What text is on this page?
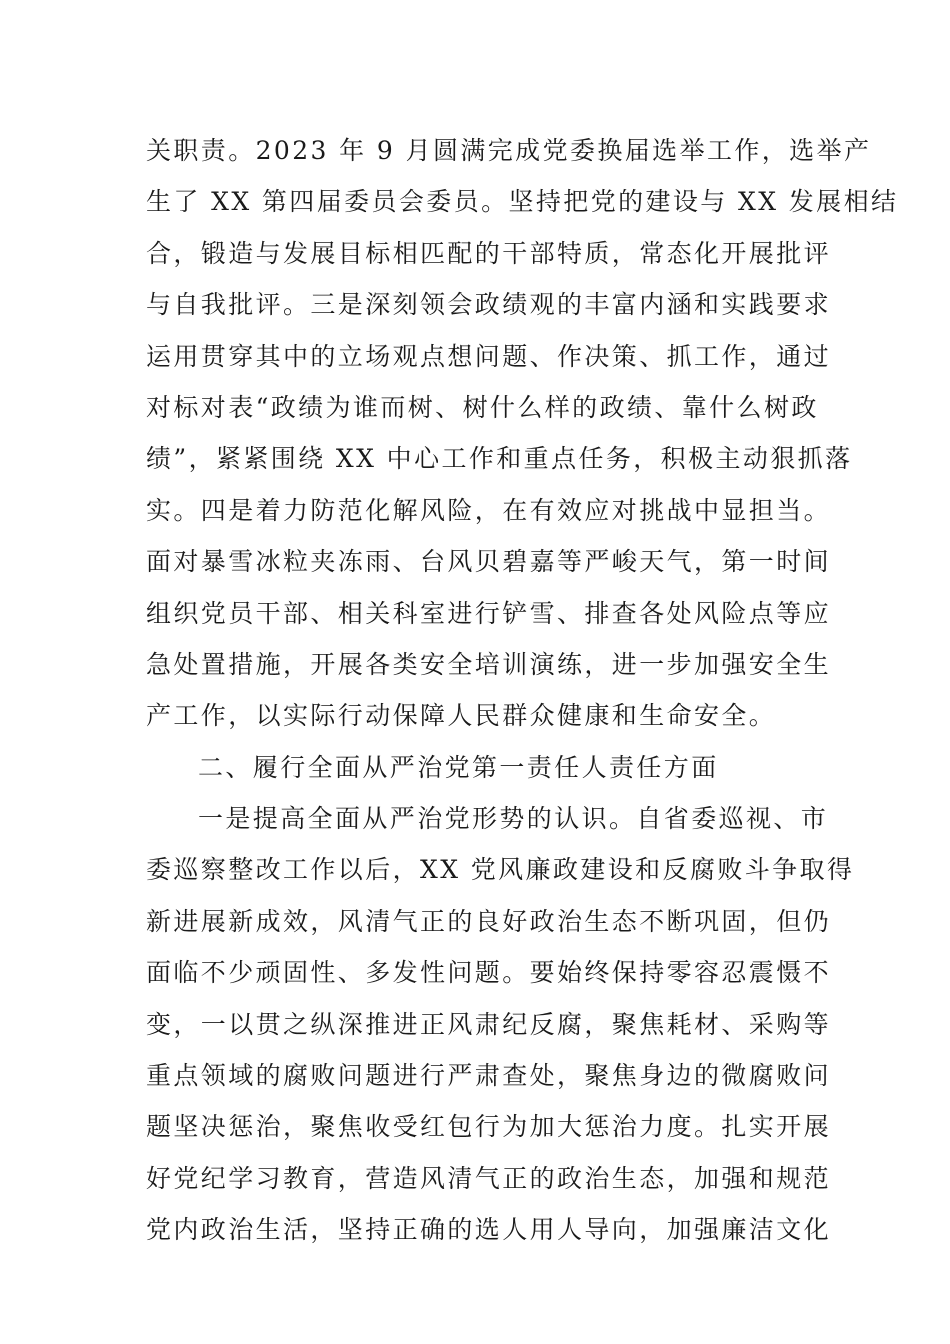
关职责。2023 年 9 月圆满完成党委换届选举工作，选举产
生了 XX 第四届委员会委员。坚持把党的建设与 XX 发展相结
合，锻造与发展目标相匹配的干部特质，常态化开展批评
与自我批评。三是深刻领会政绩观的丰富内涵和实践要求
运用贯穿其中的立场观点想问题、作决策、抓工作，通过
对标对表“政绩为谁而树、树什么样的政绩、靠什么树政
绩”，紧紧围绕 XX 中心工作和重点任务，积极主动狠抓落
实。四是着力防范化解风险，在有效应对挑战中显担当。
面对暴雪冰粒夹冻雨、台风贝碧嘉等严峻天气，第一时间
组织党员干部、相关科室进行铲雪、排查各处风险点等应
急处置措施，开展各类安全培训演练，进一步加强安全生
产工作，以实际行动保障人民群众健康和生命安全。
二、履行全面从严治党第一责任人责任方面
一是提高全面从严治党形势的认识。自省委巡视、市
委巡察整改工作以后，XX 党风廉政建设和反腐败斗争取得
新进展新成效，风清气正的良好政治生态不断巩固，但仍
面临不少顽固性、多发性问题。要始终保持零容忍震慑不
变，一以贯之纵深推进正风肃纪反腐，聚焦耗材、采购等
重点领域的腐败问题进行严肃查处，聚焦身边的微腐败问
题坚决惩治，聚焦收受红包行为加大惩治力度。扎实开展
好党纪学习教育，营造风清气正的政治生态，加强和规范
党内政治生活，坚持正确的选人用人导向，加强廉洁文化
